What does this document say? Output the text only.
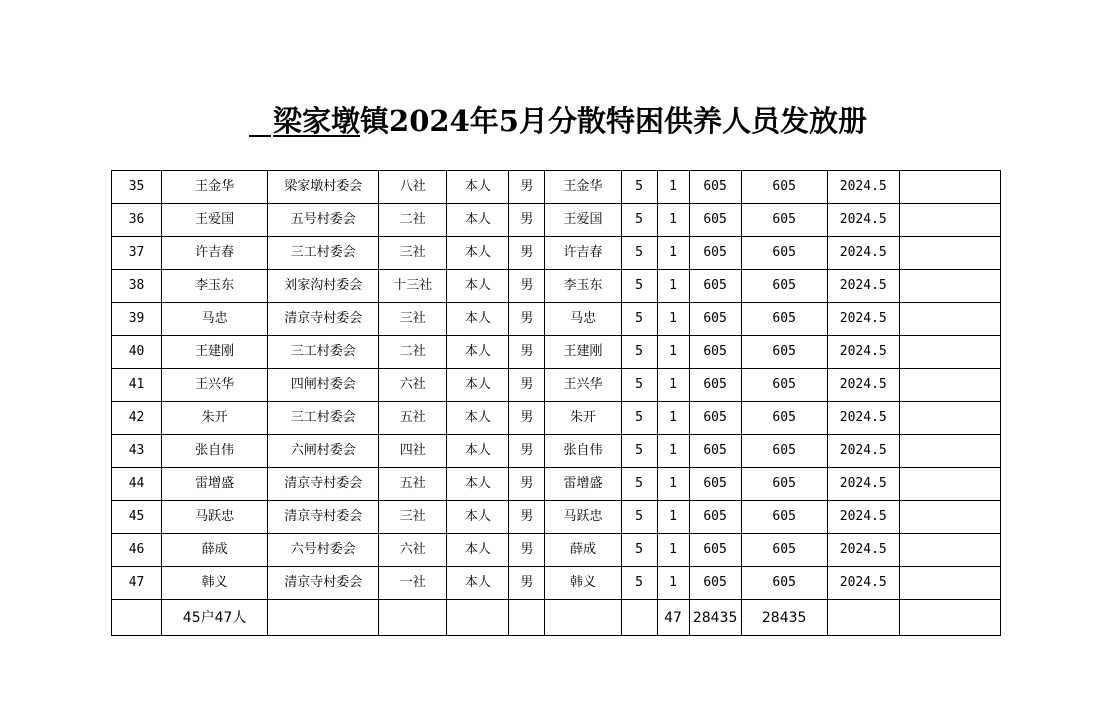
梁家墩镇2024年5月分散特困供养人员发放册
35	王金华	梁家墩村委会	八社	本人	男	王金华	5	1	605	605	2024.5	
36	王爱国	五号村委会	二社	本人	男	王爱国	5	1	605	605	2024.5	
37	许吉春	三工村委会	三社	本人	男	许吉春	5	1	605	605	2024.5	
38	李玉东	刘家沟村委会	十三社	本人	男	李玉东	5	1	605	605	2024.5	
39	马忠	清京寺村委会	三社	本人	男	马忠	5	1	605	605	2024.5	
40	王建刚	三工村委会	二社	本人	男	王建刚	5	1	605	605	2024.5	
41	王兴华	四闸村委会	六社	本人	男	王兴华	5	1	605	605	2024.5	
42	朱开	三工村委会	五社	本人	男	朱开	5	1	605	605	2024.5	
43	张自伟	六闸村委会	四社	本人	男	张自伟	5	1	605	605	2024.5	
44	雷增盛	清京寺村委会	五社	本人	男	雷增盛	5	1	605	605	2024.5	
45	马跃忠	清京寺村委会	三社	本人	男	马跃忠	5	1	605	605	2024.5	
46	薛成	六号村委会	六社	本人	男	薛成	5	1	605	605	2024.5	
47	韩义	清京寺村委会	一社	本人	男	韩义	5	1	605	605	2024.5	
	45户47人							47	28435	28435		
